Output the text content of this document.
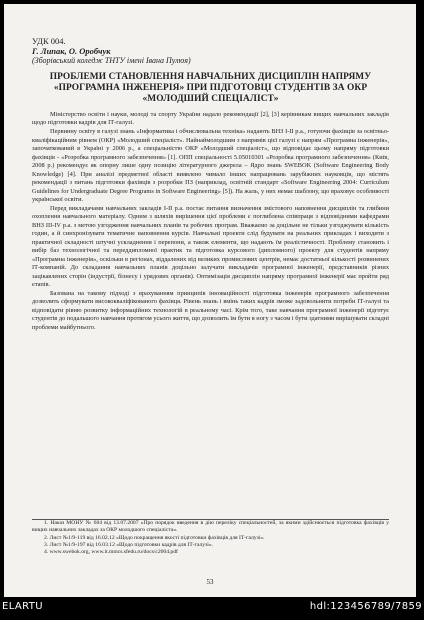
УДК 004.

Г. Липак, О. Оробчук

(Зборівський коледж ТНТУ імені Івана Пулюя)

ПРОБЛЕМИ СТАНОВЛЕННЯ НАВЧАЛЬНИХ ДИСЦИПЛІН НАПРЯМУ «ПРОГРАМНА ІНЖЕНЕРІЯ» ПРИ ПІДГОТОВЦІ СТУДЕНТІВ ЗА ОКР «МОЛОДШИЙ СПЕЦІАЛІСТ»

Міністерство освіти і науки, молоді та спорту України надало рекомендації [2], [3] керівникам вищих навчальних закладів щодо підготовки кадрів для ІТ-галузі.

Первинну освіту в галузі знань «Інформатика і обчислювальна техніка» надають ВНЗ І-ІІ р.а., готуючи фахівців за освітньо-кваліфікаційним рівнем (ОКР) «Молодший спеціаліст». Найнаймолодшим з напрямів цієї галузі є напрям «Програмна інженерія», започаткований в Україні у 2006 р., а спеціальністю ОКР «Молодший спеціаліст», що відповідає цьому напряму підготовки фахівців - «Розробка програмного забезпечення» [1]. ОПП спеціальності 5.05010301 «Розробка програмного забезпечення» (Київ, 2008 р.) рекомендує як опорну лише одну позицію літературного джерела – Ядро знань SWEBOK (Software Engineering Body Knowledge) [4]. При аналізі предметної області виявлено чимало інших напрацювань зарубіжних науковців, що містять рекомендації з питань підготовки фахівців з розробки ПЗ (наприклад, освітній стандарт «Software Engineering 2004: Curriculum Guidelines for Undergraduate Degree Programs in Software Engineering» [5]). На жаль, у них немає шаблону, що враховує особливості української освіти.

Перед викладачами навчальних закладів І-ІІ р.а. постає питання визначення змістового наповнення дисциплін та глибини охоплення навчального матеріалу. Одним з шляхів вирішення цієї проблеми є поглиблена співпраця з відповідними кафедрами ВНЗ ІІІ-ІV р.а. з метою узгодження навчальних планів та робочих програм. Вважаємо за доцільне не тільки узгоджувати кількість годин, а й синхронізувати тематичне наповнення курсів. Навчальні проекти слід будувати на реальних прикладах і виходити з практичної складності штучні ускладнення і перепони, а також елементи, що надають їм реалістичності. Проблему становить і вибір баз технологічної та переддипломної практик та підготовка курсового (дипломного) проекту для студентів напряму «Програмна інженерія», оскільки в регіонах, віддалених від великих промислових центрів, немає достатньої кількості розвинених ІТ-компаній. До складання навчальних планів доцільно залучати викладачів програмної інженерії, представників різних зацікавлених сторін (індустрії, бізнесу і урядових органів). Оптимізація дисциплін напряму програмної інженерії має пройти ряд етапів.

Базована на такому підході з врахуванням принципів інноваційності підготовка інженерів програмного забезпечення дозволить сформувати висококваліфікованого фахівця. Рівень знань і вмінь таких кадрів зможе задовольнити потреби ІТ-галузі та відповідати рівню розвитку інформаційних технологій в реальному часі. Крім того, таке навчання програмної інженерії підготує студентів до подальшого навчання протягом усього життя, що дозволить їм бути в ногу з часом і бути здатними вирішувати складні проблеми майбутнього.

1. Наказ МОНУ № 604 від 13.07.2007 «Про порядок введення в дію переліку спеціальностей, за якими здійснюється підготовка фахівців у вищих навчальних закладах за ОКР молодшого спеціаліста».

2. Лист №1/9-119 від 16.02.12 «Щодо покращення якості підготовки фахівців для ІТ-галузі».

3. Лист №1/9-197 від 16.03.12 «Щодо підготовки кадрів для ІТ-галузі».

4. www.swebok.org, www.it.mmcs.sfedu.ru/docs/c2004.pdf

53
ELARTU	hdl:123456789/7859
